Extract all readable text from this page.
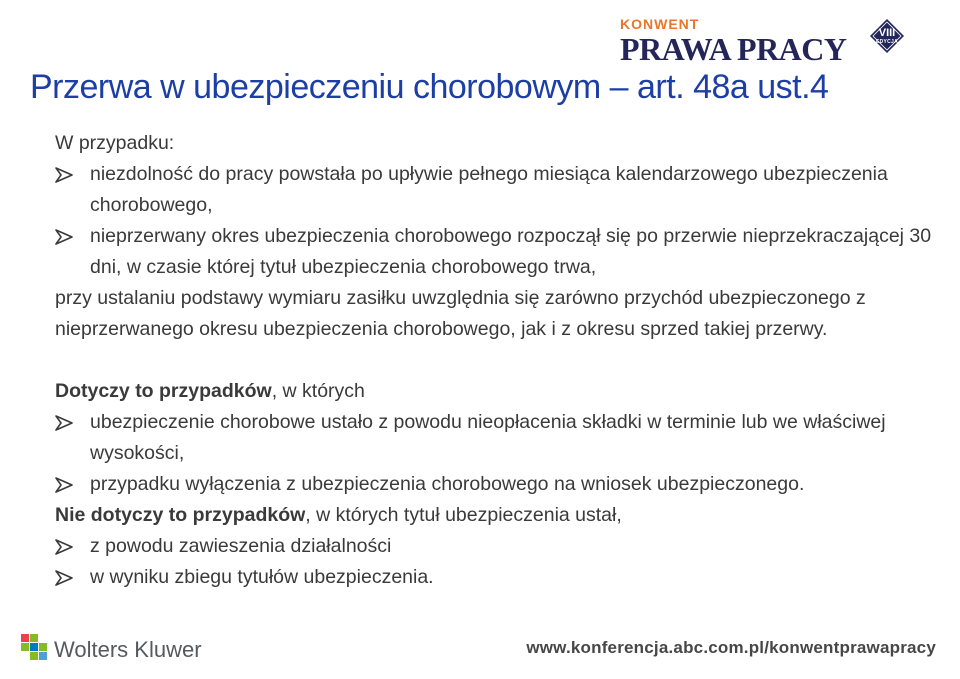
KONWENT
PRAWA PRACY	VIII
EDYCJA
Przerwa w ubezpieczeniu chorobowym – art. 48a ust.4

W przypadku:

niezdolność do pracy powstała po upływie pełnego miesiąca kalendarzowego ubezpieczenia chorobowego,
nieprzerwany okres ubezpieczenia chorobowego rozpoczął się po przerwie nieprzekraczającej 30 dni, w czasie której tytuł ubezpieczenia chorobowego trwa,

przy ustalaniu podstawy wymiaru zasiłku uwzględnia się zarówno przychód ubezpieczonego z nieprzerwanego okresu ubezpieczenia chorobowego, jak i z okresu sprzed takiej przerwy.

Dotyczy to przypadków, w których

ubezpieczenie chorobowe ustało z powodu nieopłacenia składki w terminie lub we właściwej wysokości,
przypadku wyłączenia z ubezpieczenia chorobowego na wniosek ubezpieczonego.

Nie dotyczy to przypadków, w których tytuł ubezpieczenia ustał,

z powodu zawieszenia działalności
w wyniku zbiegu tytułów ubezpieczenia.
Wolters Kluwer	www.konferencja.abc.com.pl/konwentprawapracy
